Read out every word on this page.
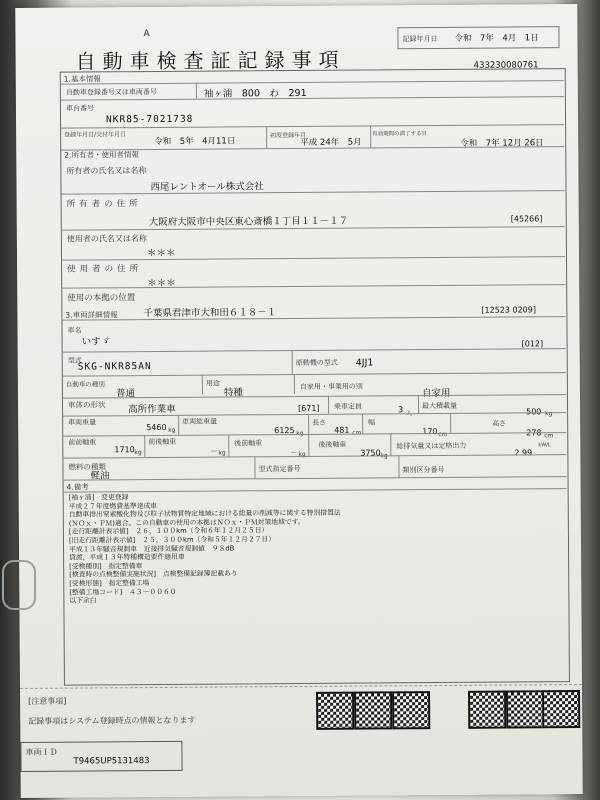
A
自動車検査証記録事項
記録年月日 令和　7年　4月　1日
433230080761
1.基本情報
自動車登録番号又は車両番号	袖ヶ浦　800　わ　291
車台番号
NKR85-7021738
登録年月日/交付年月日
令和　5年　4月11日
初度登録年月
平成 24年　5月
有効期間の満了する日
令和　7年 12月 26日
2.所有者・使用者情報
所有者の氏名又は名称
西尾レントオール株式会社
所有者の住所
大阪府大阪市中央区東心斎橋１丁目１１－１７	[45266]
使用者の氏名又は名称
＊＊＊
使用者の住所
＊＊＊
使用の本拠の位置
千葉県君津市大和田６１８－１	[12523 0209]
3.車両詳細情報
車名
いすゞ	[012]
型式
SKG-NKR85AN	原動機の型式 4JJ1
自動車の種別
普通
用途
特種
自家用・事業用の別
自家用
車体の形状 高所作業車	[671] 乗車定員	3 人
最大積載量
500 kg
車両重量
5460 kg
車両総重量
6125 kg
長さ
481 cm
幅
170 cm
高さ
278 cm
前前軸重
1710 kg
前後軸重
－ kg
後前軸重
－ kg
後後軸重
3750 kg
総排気量又は定格出力
2.99
kW/L
燃料の種類
軽油
型式指定番号	類別区分番号
4.備考
[袖ヶ浦]　変更登録
平成２７年度燃費基準達成車
自動車排出窒素酸化物及び粒子状物質特定地域における総量の削減等に関する特別措置法(ＮＯｘ・ＰＭ)適合。この自動車の使用の本拠はＮＯｘ・ＰＭ対策地域です。
[走行距離計表示値]　２６，１００km（令和６年１２月２５日）
[旧走行距離計表示値]　２５，３００km（令和５年１２月２７日）
平成１３年騒音規制車　近接排気騒音規制値　９８dB
貸渡，平成１３年特種構造要件適用車
[受検種別]　指定整備車
[検査時の点検整備実施状況]　点検整備記録簿記載あり
[受検形態]　指定整備工場
[整備工場コード]　４３－００６０
以下余白
[注意事項]
記録事項はシステム登録時点の情報となります
車両ＩＤ
T9465UP5131483
